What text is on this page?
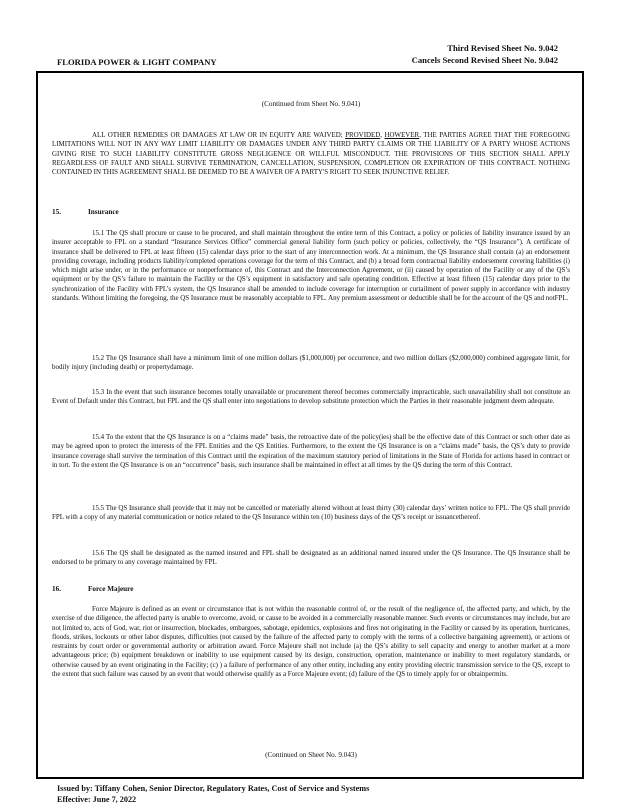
FLORIDA POWER & LIGHT COMPANY
Third Revised Sheet No. 9.042
Cancels Second Revised Sheet No. 9.042
(Continued from Sheet No. 9.041)

ALL OTHER REMEDIES OR DAMAGES AT LAW OR IN EQUITY ARE WAIVED; PROVIDED, HOWEVER, THE PARTIES AGREE THAT THE FOREGOING LIMITATIONS WILL NOT IN ANY WAY LIMIT LIABILITY OR DAMAGES UNDER ANY THIRD PARTY CLAIMS OR THE LIABILITY OF A PARTY WHOSE ACTIONS GIVING RISE TO SUCH LIABILITY CONSTITUTE GROSS NEGLIGENCE OR WILLFUL MISCONDUCT. THE PROVISIONS OF THIS SECTION SHALL APPLY REGARDLESS OF FAULT AND SHALL SURVIVE TERMINATION, CANCELLATION, SUSPENSION, COMPLETION OR EXPIRATION OF THIS CONTRACT. NOTHING CONTAINED IN THIS AGREEMENT SHALL BE DEEMED TO BE A WAIVER OF A PARTY'S RIGHT TO SEEK INJUNCTIVE RELIEF.

15.	Insurance

15.1 The QS shall procure or cause to be procured, and shall maintain throughout the entire term of this Contract, a policy or policies of liability insurance issued by an insurer acceptable to FPL on a standard “Insurance Services Office” commercial general liability form (such policy or policies, collectively, the “QS Insurance”). A certificate of insurance shall be delivered to FPL at least fifteen (15) calendar days prior to the start of any interconnection work. At a minimum, the QS Insurance shall contain (a) an endorsement providing coverage, including products liability/completed operations coverage for the term of this Contract, and (b) a broad form contractual liability endorsement covering liabilities (i) which might arise under, or in the performance or nonperformance of, this Contract and the Interconnection Agreement, or (ii) caused by operation of the Facility or any of the QS’s equipment or by the QS’s failure to maintain the Facility or the QS’s equipment in satisfactory and safe operating condition. Effective at least fifteen (15) calendar days prior to the synchronization of the Facility with FPL’s system, the QS Insurance shall be amended to include coverage for interruption or curtailment of power supply in accordance with industry standards. Without limiting the foregoing, the QS Insurance must be reasonably acceptable to FPL. Any premium assessment or deductible shall be for the account of the QS and notFPL.

15.2 The QS Insurance shall have a minimum limit of one million dollars ($1,000,000) per occurrence, and two million dollars ($2,000,000) combined aggregate limit, for bodily injury (including death) or propertydamage.

15.3 In the event that such insurance becomes totally unavailable or procurement thereof becomes commercially impracticable, such unavailability shall not constitute an Event of Default under this Contract, but FPL and the QS shall enter into negotiations to develop substitute protection which the Parties in their reasonable judgment deem adequate.

15.4 To the extent that the QS Insurance is on a “claims made” basis, the retroactive date of the policy(ies) shall be the effective date of this Contract or such other date as may be agreed upon to protect the interests of the FPL Entities and the QS Entities. Furthermore, to the extent the QS Insurance is on a “claims made” basis, the QS’s duty to provide insurance coverage shall survive the termination of this Contract until the expiration of the maximum statutory period of limitations in the State of Florida for actions based in contract or in tort. To the extent the QS Insurance is on an “occurrence” basis, such insurance shall be maintained in effect at all times by the QS during the term of this Contract.

15.5 The QS Insurance shall provide that it may not be cancelled or materially altered without at least thirty (30) calendar days’ written notice to FPL. The QS shall provide FPL with a copy of any material communication or notice related to the QS Insurance within ten (10) business days of the QS’s receipt or issuancethereof.

15.6 The QS shall be designated as the named insured and FPL shall be designated as an additional named insured under the QS Insurance. The QS Insurance shall be endorsed to be primary to any coverage maintained by FPL

16.	Force Majeure

Force Majeure is defined as an event or circumstance that is not within the reasonable control of, or the result of the negligence of, the affected party, and which, by the exercise of due diligence, the affected party is unable to overcome, avoid, or cause to be avoided in a commercially reasonable manner. Such events or circumstances may include, but are not limited to, acts of God, war, riot or insurrection, blockades, embargoes, sabotage, epidemics, explosions and fires not originating in the Facility or caused by its operation, hurricanes, floods, strikes, lockouts or other labor disputes, difficulties (not caused by the failure of the affected party to comply with the terms of a collective bargaining agreement), or actions or restraints by court order or governmental authority or arbitration award. Force Majeure shall not include (a) the QS’s ability to sell capacity and energy to another market at a more advantageous price; (b) equipment breakdown or inability to use equipment caused by its design, construction, operation, maintenance or inability to meet regulatory standards, or otherwise caused by an event originating in the Facility; (c) ) a failure of performance of any other entity, including any entity providing electric transmission service to the QS, except to the extent that such failure was caused by an event that would otherwise qualify as a Force Majeure event; (d) failure of the QS to timely apply for or obtainpermits.

(Continued on Sheet No. 9.043)
Issued by: Tiffany Cohen, Senior Director, Regulatory Rates, Cost of Service and Systems
Effective: June 7, 2022
